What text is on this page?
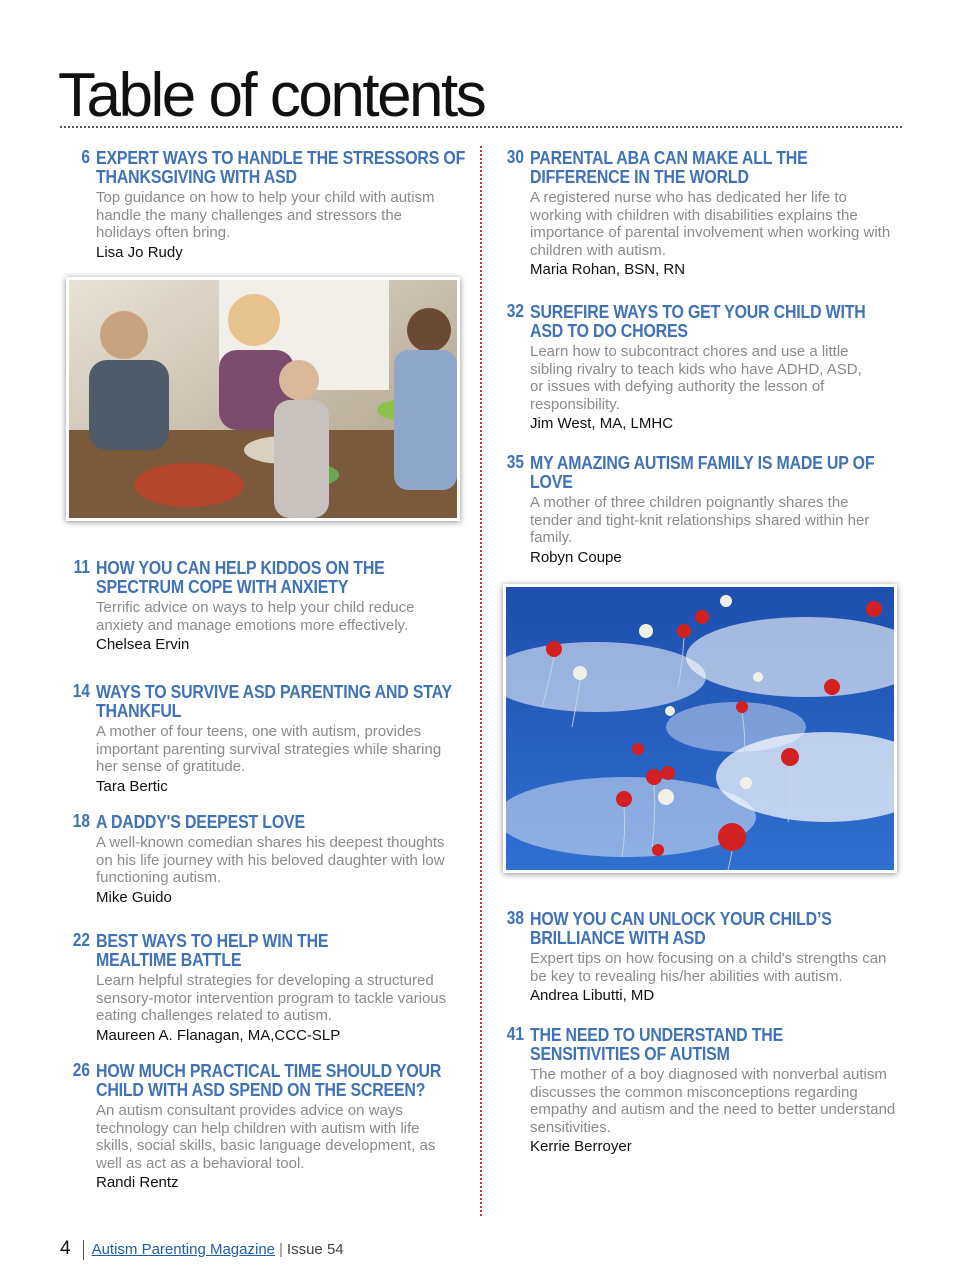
Table of contents
6 EXPERT WAYS TO HANDLE THE STRESSORS OF THANKSGIVING WITH ASD
Top guidance on how to help your child with autism handle the many challenges and stressors the holidays often bring.
Lisa Jo Rudy
11 HOW YOU CAN HELP KIDDOS ON THE SPECTRUM COPE WITH ANXIETY
Terrific advice on ways to help your child reduce anxiety and manage emotions more effectively.
Chelsea Ervin
14 WAYS TO SURVIVE ASD PARENTING AND STAY THANKFUL
A mother of four teens, one with autism, provides important parenting survival strategies while sharing her sense of gratitude.
Tara Bertic
18 A DADDY'S DEEPEST LOVE
A well-known comedian shares his deepest thoughts on his life journey with his beloved daughter with low functioning autism.
Mike Guido
22 BEST WAYS TO HELP WIN THE MEALTIME BATTLE
Learn helpful strategies for developing a structured sensory-motor intervention program to tackle various eating challenges related to autism.
Maureen A. Flanagan, MA,CCC-SLP
26 HOW MUCH PRACTICAL TIME SHOULD YOUR CHILD WITH ASD SPEND ON THE SCREEN?
An autism consultant provides advice on ways technology can help children with autism with life skills, social skills, basic language development, as well as act as a behavioral tool.
Randi Rentz
30 PARENTAL ABA CAN MAKE ALL THE DIFFERENCE IN THE WORLD
A registered nurse who has dedicated her life to working with children with disabilities explains the importance of parental involvement when working with children with autism.
Maria Rohan, BSN, RN
32 SUREFIRE WAYS TO GET YOUR CHILD WITH ASD TO DO CHORES
Learn how to subcontract chores and use a little sibling rivalry to teach kids who have ADHD, ASD, or issues with defying authority the lesson of responsibility.
Jim West, MA, LMHC
35 MY AMAZING AUTISM FAMILY IS MADE UP OF LOVE
A mother of three children poignantly shares the tender and tight-knit relationships shared within her family.
Robyn Coupe
38 HOW YOU CAN UNLOCK YOUR CHILD’S BRILLIANCE WITH ASD
Expert tips on how focusing on a child's strengths can be key to revealing his/her abilities with autism.
Andrea Libutti, MD
41 THE NEED TO UNDERSTAND THE SENSITIVITIES OF AUTISM
The mother of a boy diagnosed with nonverbal autism discusses the common misconceptions regarding empathy and autism and the need to better understand sensitivities.
Kerrie Berroyer
4 Autism Parenting Magazine | Issue 54
